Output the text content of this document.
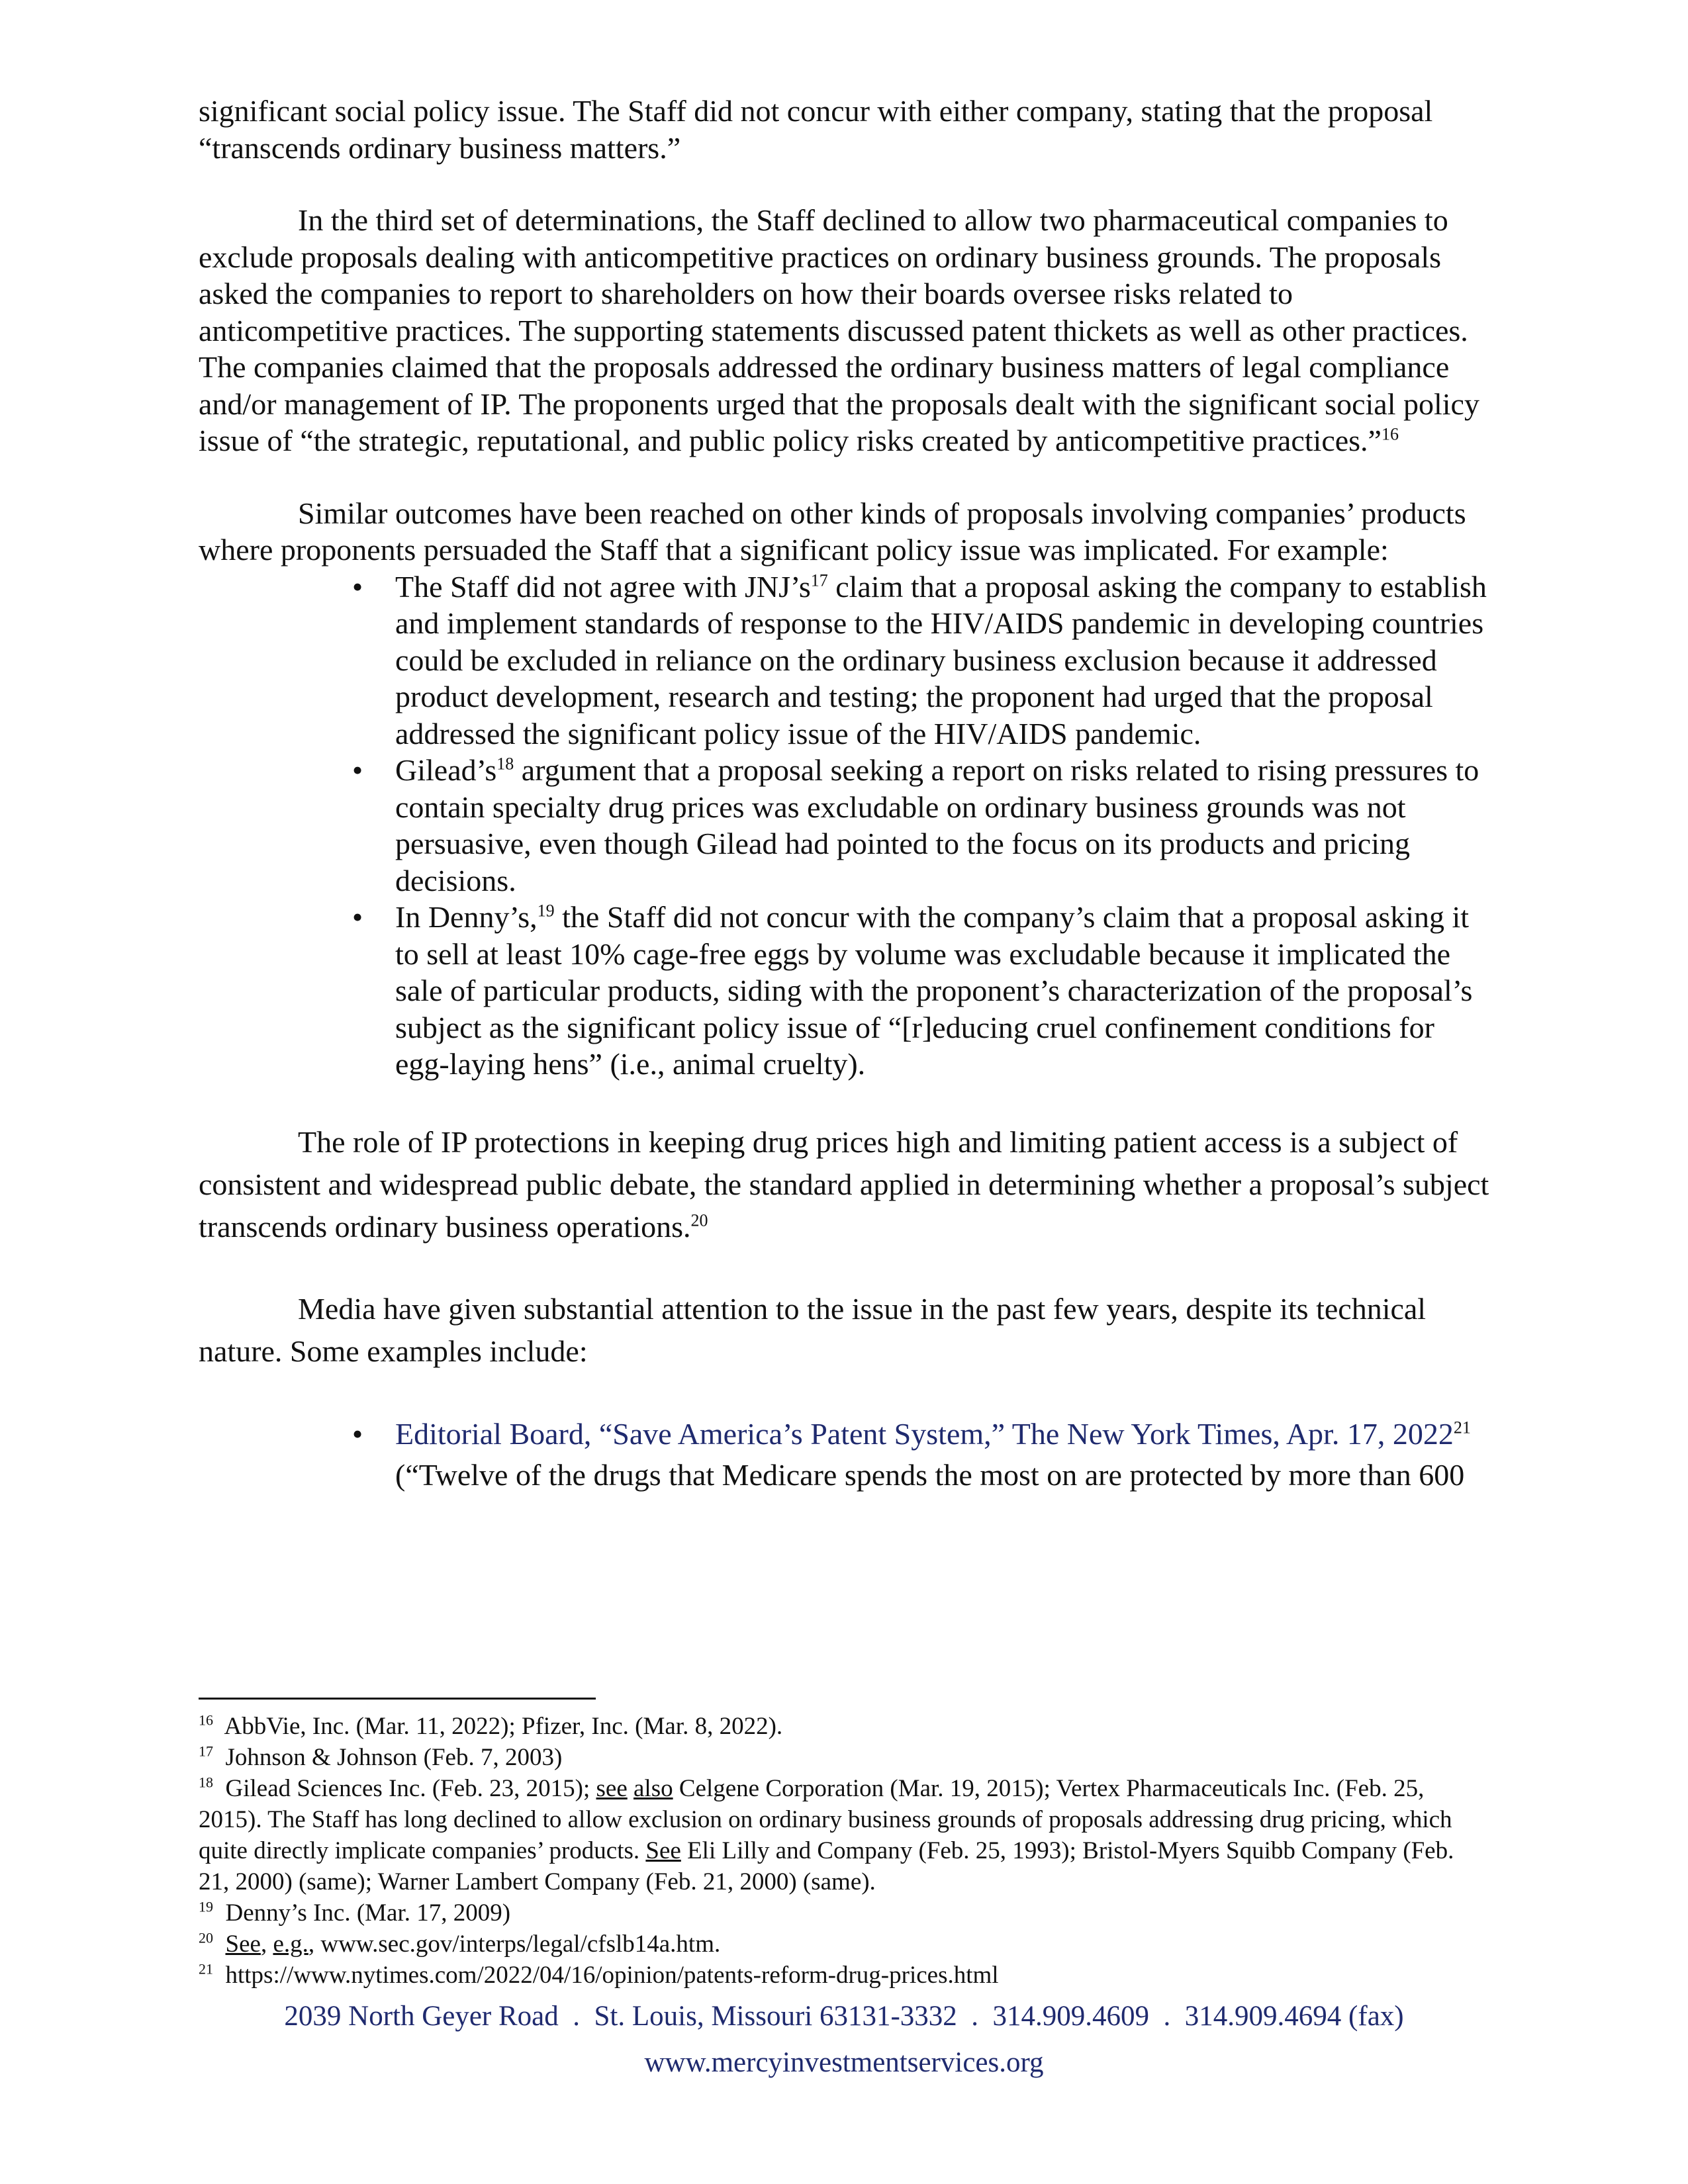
significant social policy issue. The Staff did not concur with either company, stating that the proposal “transcends ordinary business matters.”

In the third set of determinations, the Staff declined to allow two pharmaceutical companies to exclude proposals dealing with anticompetitive practices on ordinary business grounds. The proposals asked the companies to report to shareholders on how their boards oversee risks related to anticompetitive practices. The supporting statements discussed patent thickets as well as other practices. The companies claimed that the proposals addressed the ordinary business matters of legal compliance and/or management of IP. The proponents urged that the proposals dealt with the significant social policy issue of “the strategic, reputational, and public policy risks created by anticompetitive practices.”$^{16}$

Similar outcomes have been reached on other kinds of proposals involving companies’ products where proponents persuaded the Staff that a significant policy issue was implicated. For example:

• The Staff did not agree with $JNJ’s^{17}$ claim that a proposal asking the company to establish and implement standards of response to the HIV/AIDS pandemic in developing countries could be excluded in reliance on the ordinary business exclusion because it addressed product development, research and testing; the proponent had urged that the proposal addressed the significant policy issue of the HIV/AIDS pandemic.
• $Gilead’s^{18}$ argument that a proposal seeking a report on risks related to rising pressures to contain specialty drug prices was excludable on ordinary business grounds was not persuasive, even though Gilead had pointed to the focus on its products and pricing decisions.
• In Denny’s,$^{19}$ the Staff did not concur with the company’s claim that a proposal asking it to sell at least 10% cage-free eggs by volume was excludable because it implicated the sale of particular products, siding with the proponent’s characterization of the proposal’s subject as the significant policy issue of “[r]educing cruel confinement conditions for egg-laying hens” (i.e., animal cruelty).

The role of IP protections in keeping drug prices high and limiting patient access is a subject of consistent and widespread public debate, the standard applied in determining whether a proposal’s subject transcends ordinary business operations.$^{20}$

Media have given substantial attention to the issue in the past few years, despite its technical nature. Some examples include:

• Editorial Board, “Save America’s Patent System,” The New York Times, Apr. 17, 2022$^{21}$
(“Twelve of the drugs that Medicare spends the most on are protected by more than 600

$^{16}$ AbbVie, Inc. (Mar. 11, 2022); Pfizer, Inc. (Mar. 8, 2022).

$^{17}$ Johnson & Johnson (Feb. 7, 2003)

$^{18}$ Gilead Sciences Inc. (Feb. 23, 2015); see also Celgene Corporation (Mar. 19, 2015); Vertex Pharmaceuticals Inc. (Feb. 25, 2015). The Staff has long declined to allow exclusion on ordinary business grounds of proposals addressing drug pricing, which quite directly implicate companies’ products. See Eli Lilly and Company (Feb. 25, 1993); Bristol-Myers Squibb Company (Feb. 21, 2000) (same); Warner Lambert Company (Feb. 21, 2000) (same).

$^{19}$ Denny’s Inc. (Mar. 17, 2009)

$^{20}$ See, e.g., www.sec.gov/interps/legal/cfslb14a.htm.

$^{21}$ https://www.nytimes.com/2022/04/16/opinion/patents-reform-drug-prices.html

2039 North Geyer Road  .  St. Louis, Missouri 63131-3332  .  314.909.4609  .  314.909.4694 (fax)
www.mercyinvestmentservices.org
